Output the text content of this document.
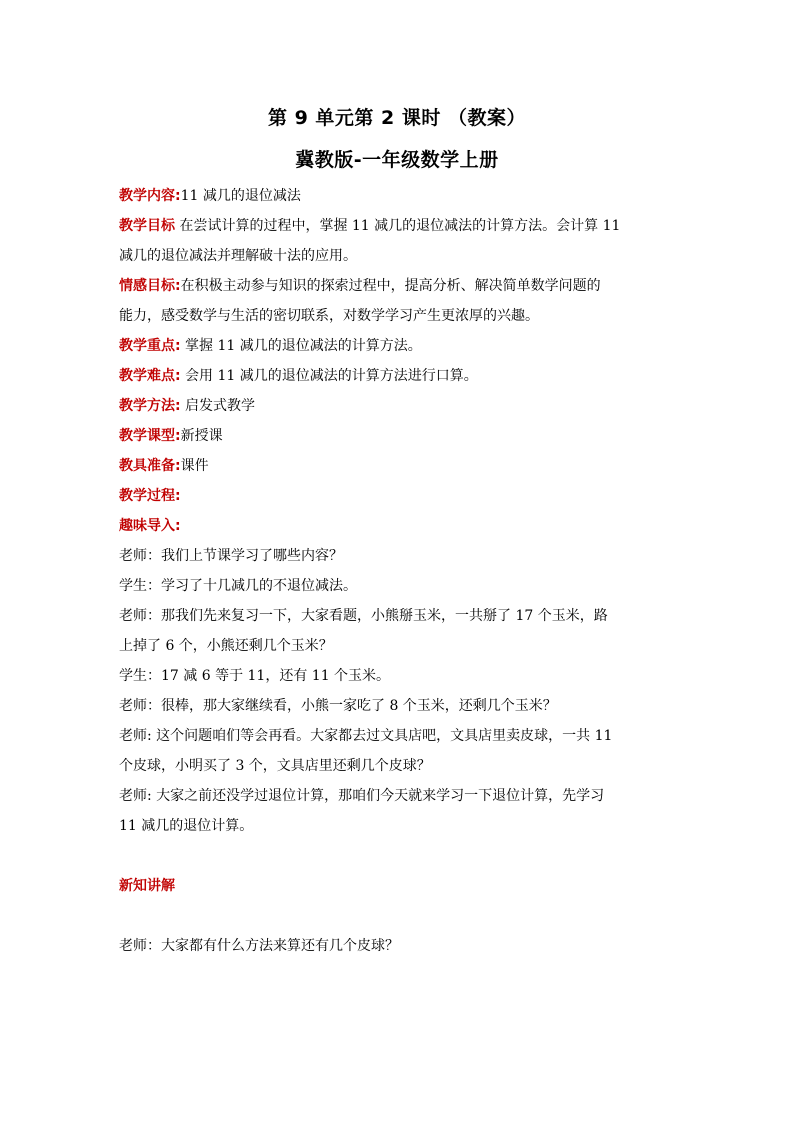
第 9 单元第 2 课时 （教案）
冀教版-一年级数学上册
教学内容:11 减几的退位减法
教学目标 在尝试计算的过程中，掌握 11 减几的退位减法的计算方法。会计算 11
减几的退位减法并理解破十法的应用。
情感目标:在积极主动参与知识的探索过程中，提高分析、解决简单数学问题的
能力，感受数学与生活的密切联系，对数学学习产生更浓厚的兴趣。
教学重点: 掌握 11 减几的退位减法的计算方法。
教学难点: 会用 11 减几的退位减法的计算方法进行口算。
教学方法: 启发式教学
教学课型:新授课
教具准备:课件
教学过程:
趣味导入:
老师：我们上节课学习了哪些内容？
学生：学习了十几减几的不退位减法。
老师：那我们先来复习一下，大家看题，小熊掰玉米，一共掰了 17 个玉米，路
上掉了 6 个，小熊还剩几个玉米？
学生：17 减 6 等于 11，还有 11 个玉米。
老师：很棒，那大家继续看，小熊一家吃了 8 个玉米，还剩几个玉米？
老师: 这个问题咱们等会再看。大家都去过文具店吧，文具店里卖皮球，一共 11
个皮球，小明买了 3 个，文具店里还剩几个皮球？
老师: 大家之前还没学过退位计算，那咱们今天就来学习一下退位计算，先学习
11 减几的退位计算。
新知讲解
老师：大家都有什么方法来算还有几个皮球？
